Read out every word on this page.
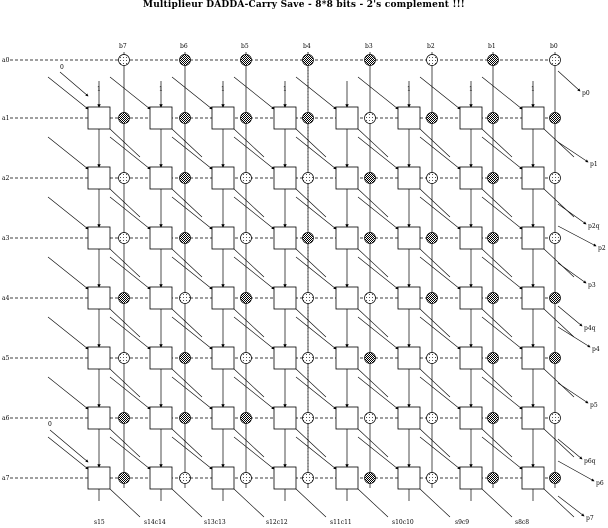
Multiplieur DADDA-Carry Save - 8*8 bits - 2's complement !!!
a0
a1
a2
a3
a4
a5
a6
a7
b7	b6	b5	b4	b3	b2	b1	b0
1	1	1	1	1	1	1
0
0
p0
p1
p2q
p2
p3
p4q
p4
p5
p6q
p6
p7
s15	s14c14	s13c13	s12c12	s11c11	s10c10	s9c9	s8c8
